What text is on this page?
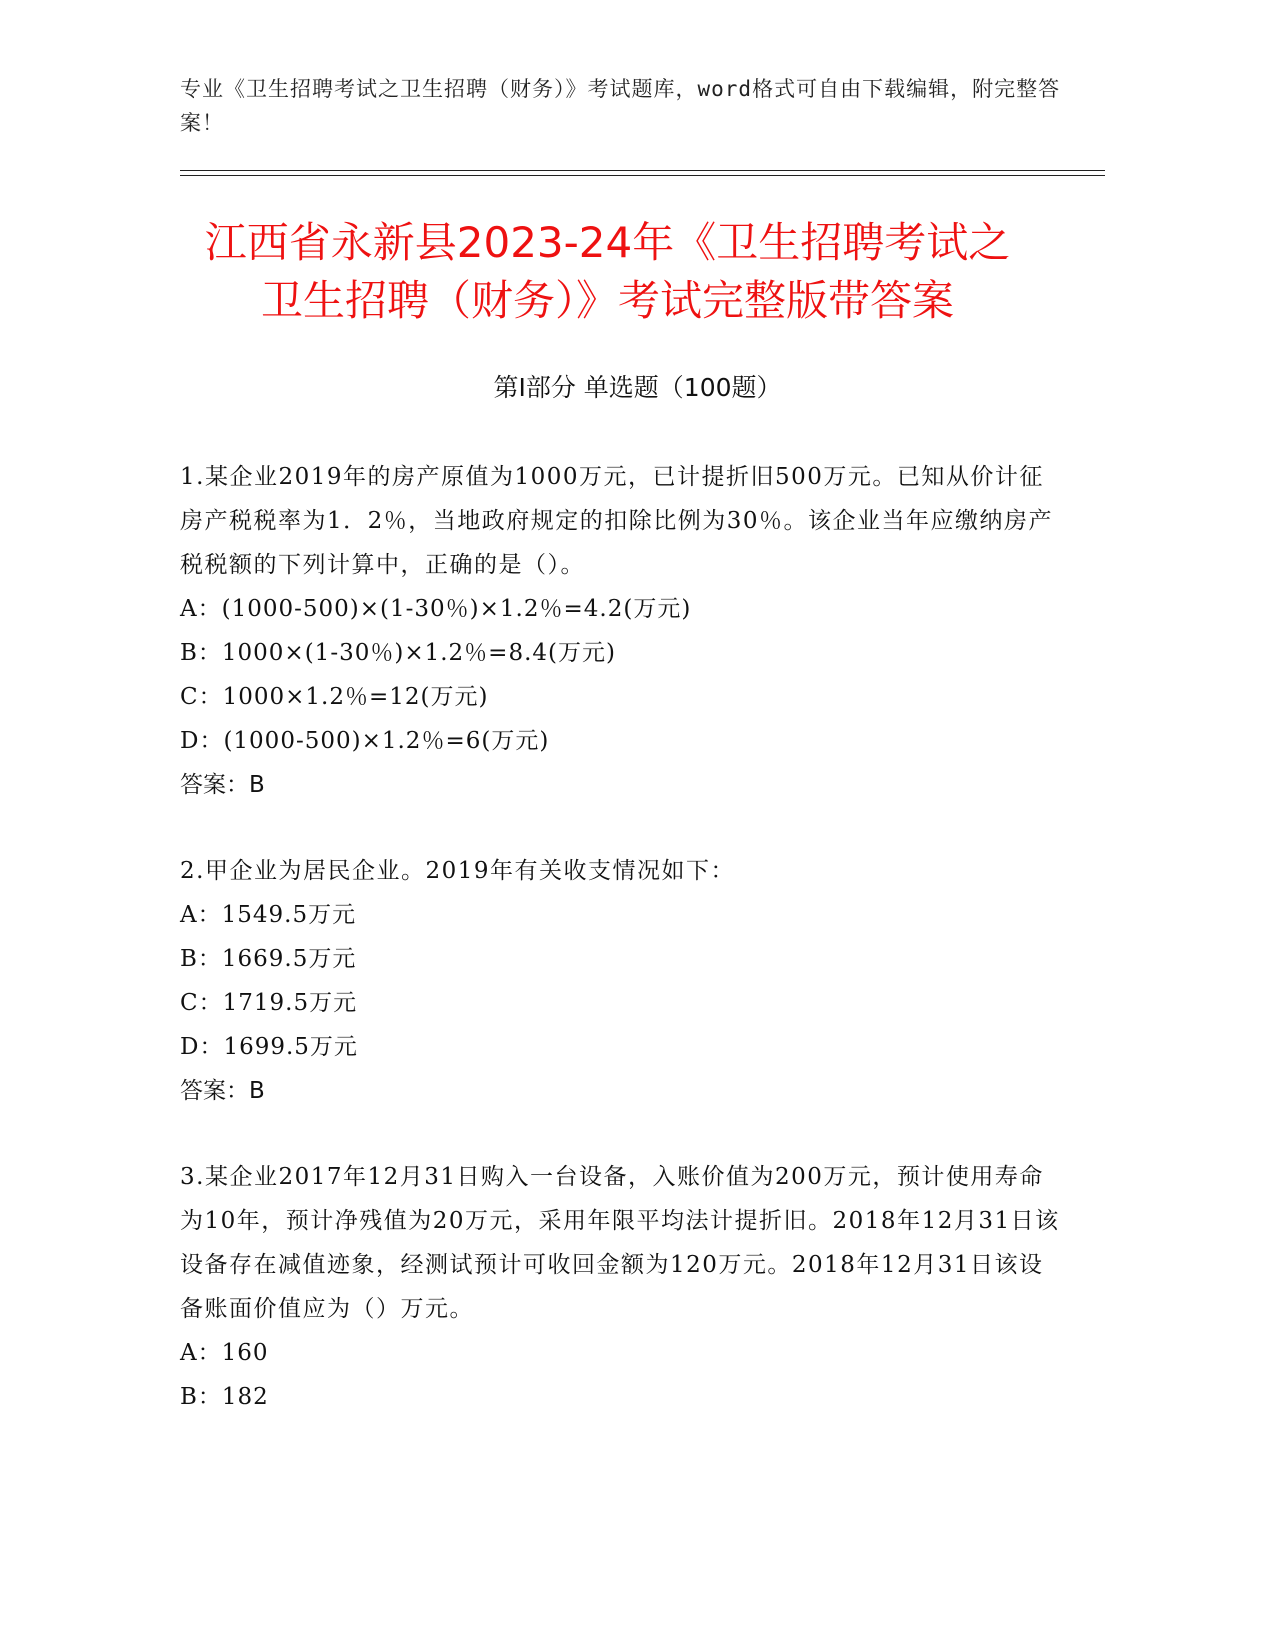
专业《卫生招聘考试之卫生招聘（财务）》考试题库，word格式可自由下载编辑，附完整答案！
江西省永新县2023-24年《卫生招聘考试之
卫生招聘（财务）》考试完整版带答案
第Ⅰ部分 单选题（100题）

1.某企业2019年的房产原值为1000万元，已计提折旧500万元。已知从价计征房产税税率为1．2％，当地政府规定的扣除比例为30％。该企业当年应缴纳房产税税额的下列计算中，正确的是（）。

A：(1000-500)×(1-30％)×1.2％=4.2(万元)

B：1000×(1-30％)×1.2％=8.4(万元)

C：1000×1.2％=12(万元)

D：(1000-500)×1.2％=6(万元)

答案：B

2.甲企业为居民企业。2019年有关收支情况如下：

A：1549.5万元

B：1669.5万元

C：1719.5万元

D：1699.5万元

答案：B

3.某企业2017年12月31日购入一台设备，入账价值为200万元，预计使用寿命为10年，预计净残值为20万元，采用年限平均法计提折旧。2018年12月31日该设备存在减值迹象，经测试预计可收回金额为120万元。2018年12月31日该设备账面价值应为（）万元。

A：160

B：182
